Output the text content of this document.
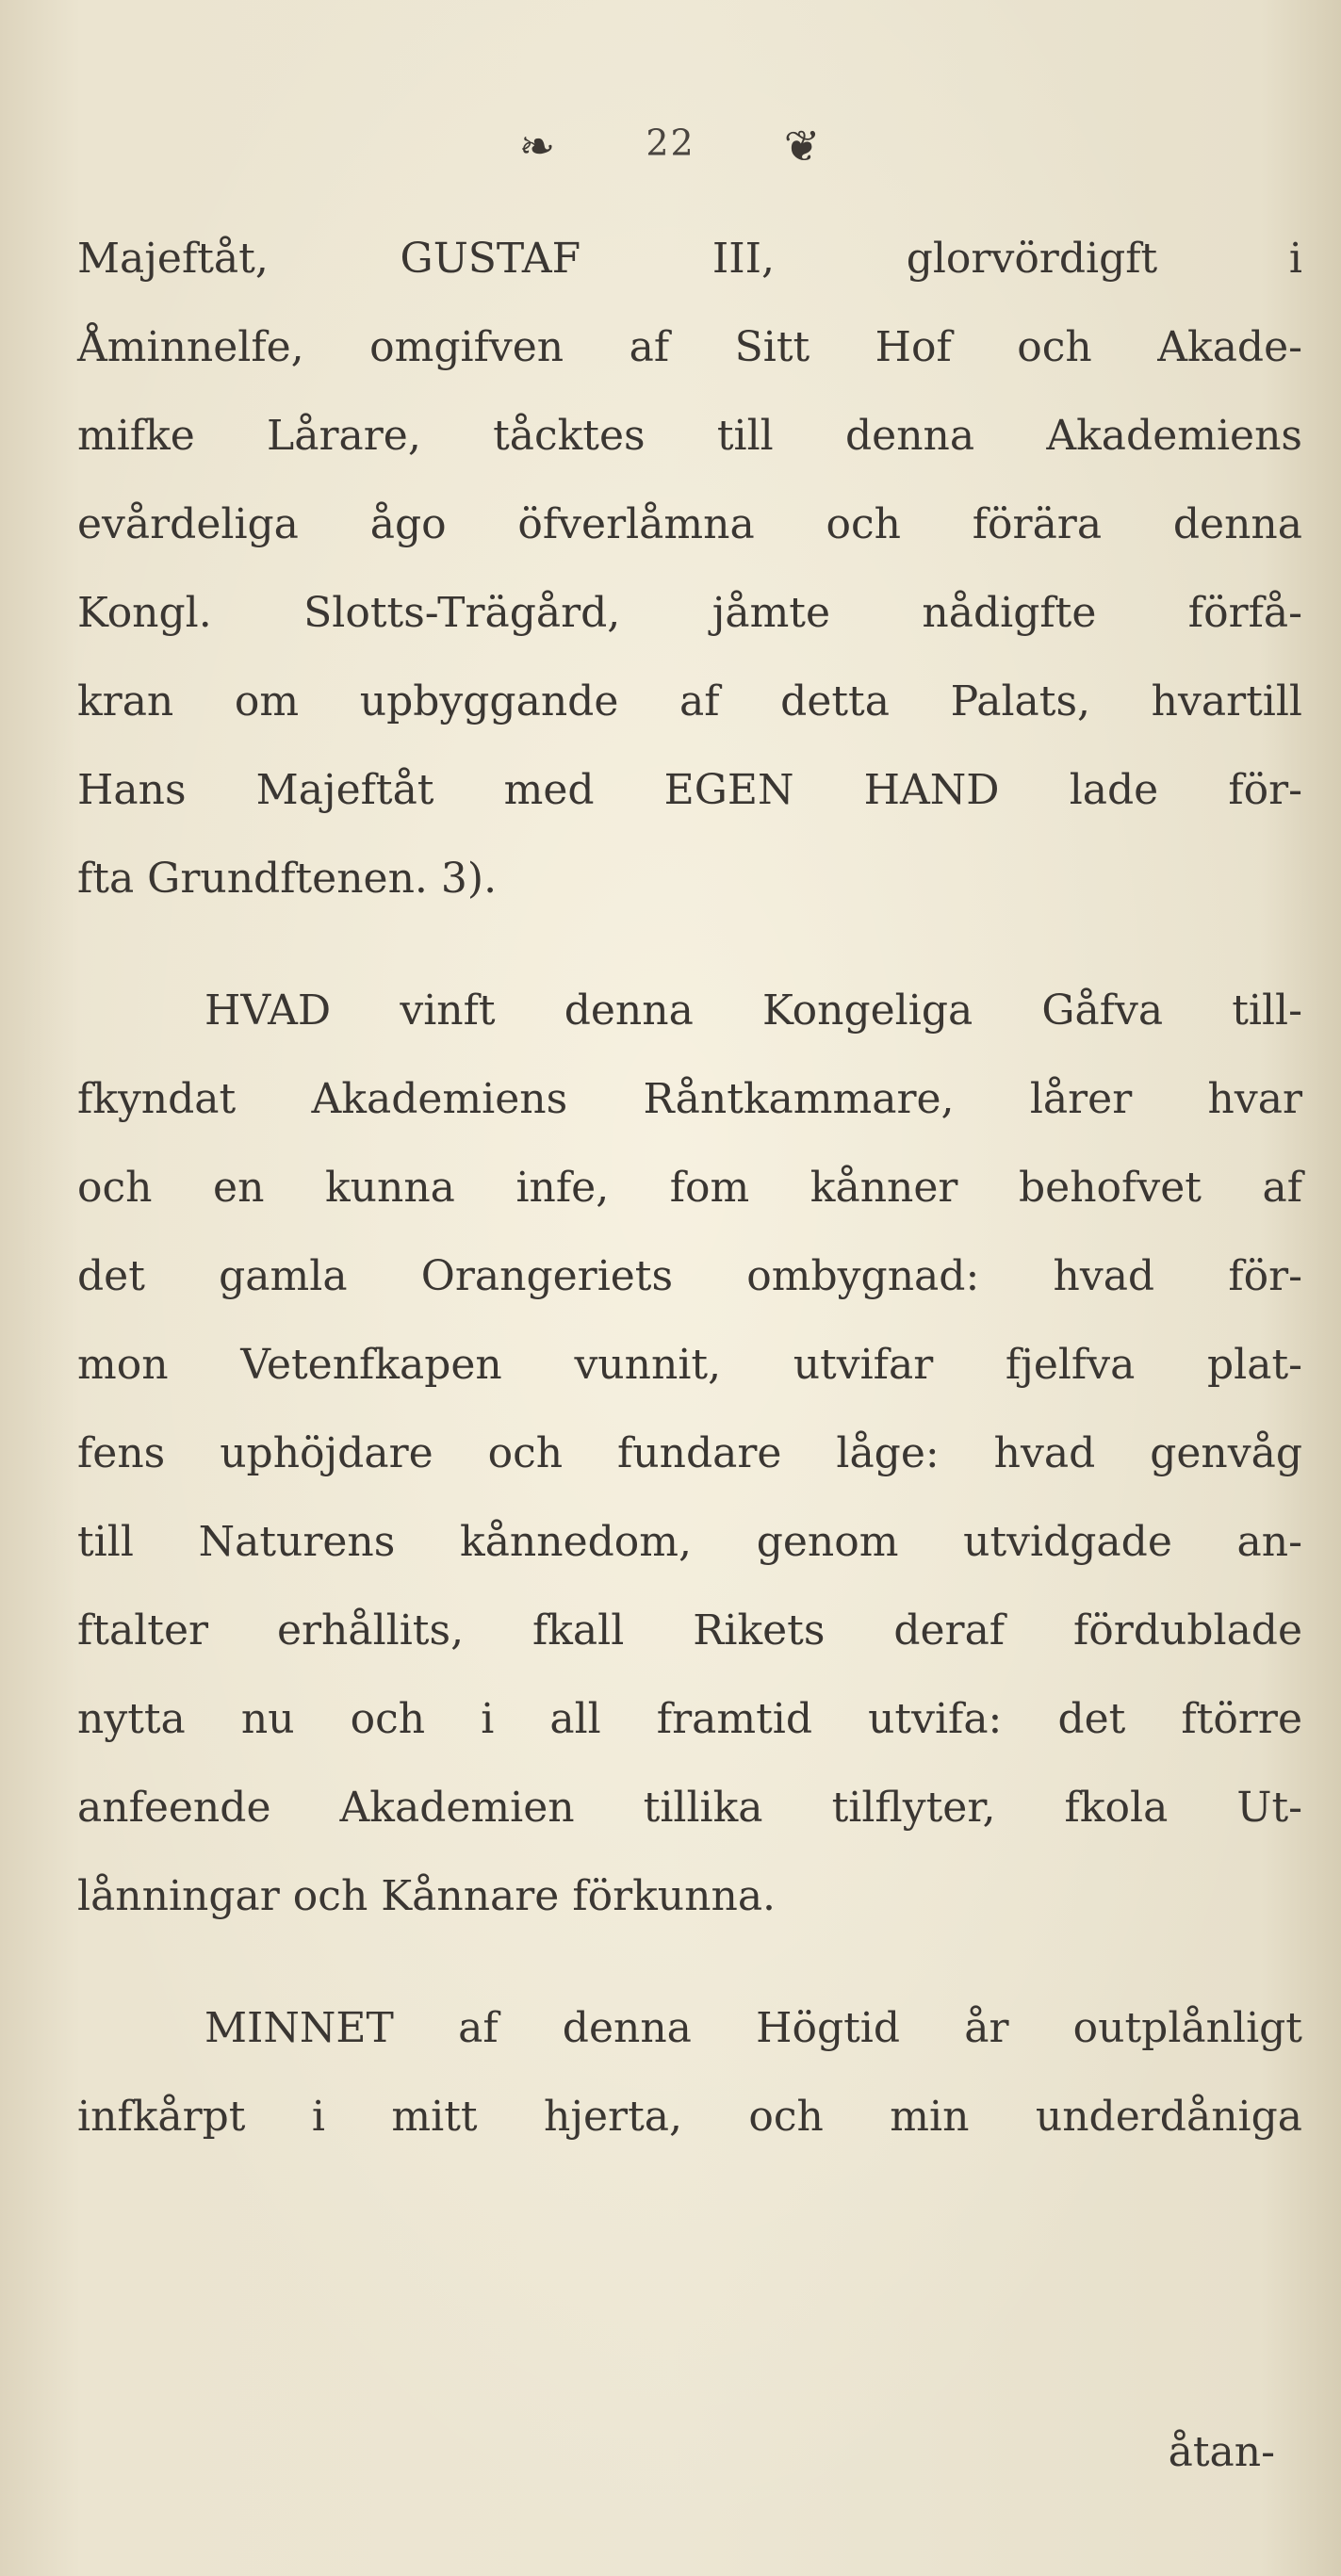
❧ 22 ❦
Majeftåt, GUSTAF III, glorvördigft i
Åminnelfe, omgifven af Sitt Hof och Akade-
mifke Lårare, tåcktes till denna Akademiens
evårdeliga ågo öfverlåmna och förära denna
Kongl. Slotts-Trägård, jåmte nådigfte förfå-
kran om upbyggande af detta Palats, hvartill
Hans Majeftåt med EGEN HAND lade för-
fta Grundftenen. 3).
HVAD vinft denna Kongeliga Gåfva till-
fkyndat Akademiens Råntkammare, lårer hvar
och en kunna infe, fom kånner behofvet af
det gamla Orangeriets ombygnad: hvad för-
mon Vetenfkapen vunnit, utvifar fjelfva plat-
fens uphöjdare och fundare låge: hvad genvåg
till Naturens kånnedom, genom utvidgade an-
ftalter erhållits, fkall Rikets deraf fördublade
nytta nu och i all framtid utvifa: det ftörre
anfeende Akademien tillika tilflyter, fkola Ut-
lånningar och Kånnare förkunna.
MINNET af denna Högtid år outplånligt
infkårpt i mitt hjerta, och min underdåniga
åtan-
